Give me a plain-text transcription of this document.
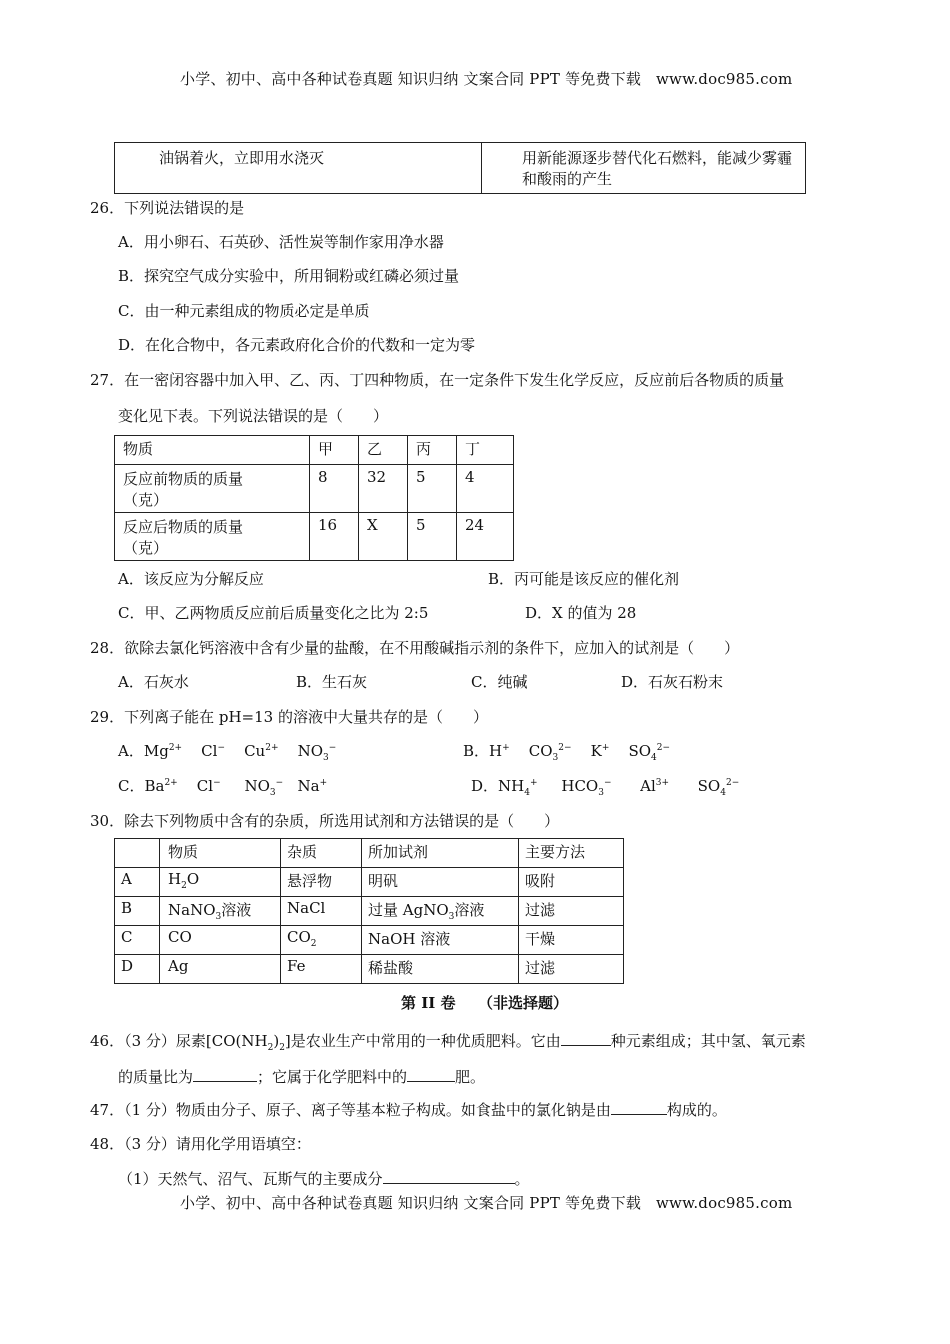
小学、初中、高中各种试卷真题 知识归纳 文案合同 PPT 等免费下载 www.doc985.com
油锅着火，立即用水浇灭	用新能源逐步替代化石燃料，能减少雾霾
和酸雨的产生
26．下列说法错误的是
A．用小卵石、石英砂、活性炭等制作家用净水器
B．探究空气成分实验中，所用铜粉或红磷必须过量
C．由一种元素组成的物质必定是单质
D．在化合物中，各元素政府化合价的代数和一定为零
27．在一密闭容器中加入甲、乙、丙、丁四种物质，在一定条件下发生化学反应，反应前后各物质的质量
变化见下表。下列说法错误的是（　　）
物质	甲	乙	丙	丁

反应前物质的质量
（克）	8	32	5	4

反应后物质的质量
（克）	16	X	5	24
A．该反应为分解反应	B．丙可能是该反应的催化剂
C．甲、乙两物质反应前后质量变化之比为 2:5	D．X 的值为 28
28．欲除去氯化钙溶液中含有少量的盐酸，在不用酸碱指示剂的条件下，应加入的试剂是（　　）
A．石灰水	B．生石灰	C．纯碱	D．石灰石粉末
29．下列离子能在 pH=13 的溶液中大量共存的是（　　）
A．$Mg^{2+}$    Cl−    $Cu^{2+}$    $NO_3^-$	B．H+    $CO_3^{2-}$    K+    $SO_4^{2-}$
C．$Ba^{2+}$    Cl−     $NO_3^-$   Na+	D．$NH_4^+$     $HCO_3^-$      $Al^{3+}$      $SO_4^{2-}$
30．除去下列物质中含有的杂质，所选用试剂和方法错误的是（　　）
	物质	杂质	所加试剂	主要方法
A	$H_2O$	悬浮物	明矾	吸附
B	NaNO$_3$溶液	NaCl	过量 AgNO$_3$溶液	过滤
C	CO	$CO_2$	NaOH 溶液	干燥
D	Ag	Fe	稀盐酸	过滤
第 II 卷　　（非选择题）
46．（3 分）尿素$[CO(NH_2)_2]$是农业生产中常用的一种优质肥料。它由	种元素组成；其中氢、氧元素
的质量比为	；它属于化学肥料中的	肥。
47．（1 分）物质由分子、原子、离子等基本粒子构成。如食盐中的氯化钠是由	构成的。
48．（3 分）请用化学用语填空：
（1）天然气、沼气、瓦斯气的主要成分	。
小学、初中、高中各种试卷真题 知识归纳 文案合同 PPT 等免费下载 www.doc985.com
